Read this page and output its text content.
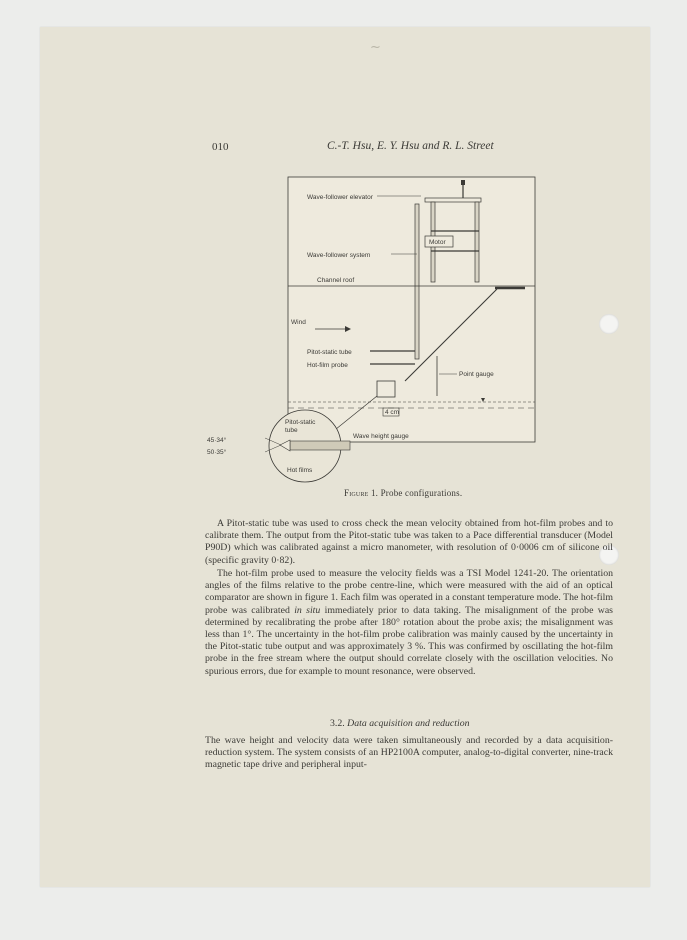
~
010	C.-T. Hsu, E. Y. Hsu and R. L. Street
Motor
4 cm
Wind
45·34°
50·35°
Pitot-static
tube
Hot films
Wave-follower elevator
Wave-follower system
Channel roof
Pitot-static tube
Hot-film probe
Point gauge
Wave height gauge
Figure 1. Probe configurations.

A Pitot-static tube was used to cross check the mean velocity obtained from hot-film probes and to calibrate them. The output from the Pitot-static tube was taken to a Pace differential transducer (Model P90D) which was calibrated against a micro manometer, with resolution of 0·0006 cm of silicone oil (specific gravity 0·82).

The hot-film probe used to measure the velocity fields was a TSI Model 1241-20. The orientation angles of the films relative to the probe centre-line, which were measured with the aid of an optical comparator are shown in figure 1. Each film was operated in a constant temperature mode. The hot-film probe was calibrated in situ immediately prior to data taking. The misalignment of the probe was determined by recalibrating the probe after 180° rotation about the probe axis; the misalignment was less than 1°. The uncertainty in the hot-film probe calibration was mainly caused by the uncertainty in the Pitot-static tube output and was approximately 3 %. This was confirmed by oscillating the hot-film probe in the free stream where the output should correlate closely with the oscillation velocities. No spurious errors, due for example to mount resonance, were observed.

3.2. Data acquisition and reduction

The wave height and velocity data were taken simultaneously and recorded by a data acquisition-reduction system. The system consists of an HP2100A computer, analog-to-digital converter, nine-track magnetic tape drive and peripheral input-
